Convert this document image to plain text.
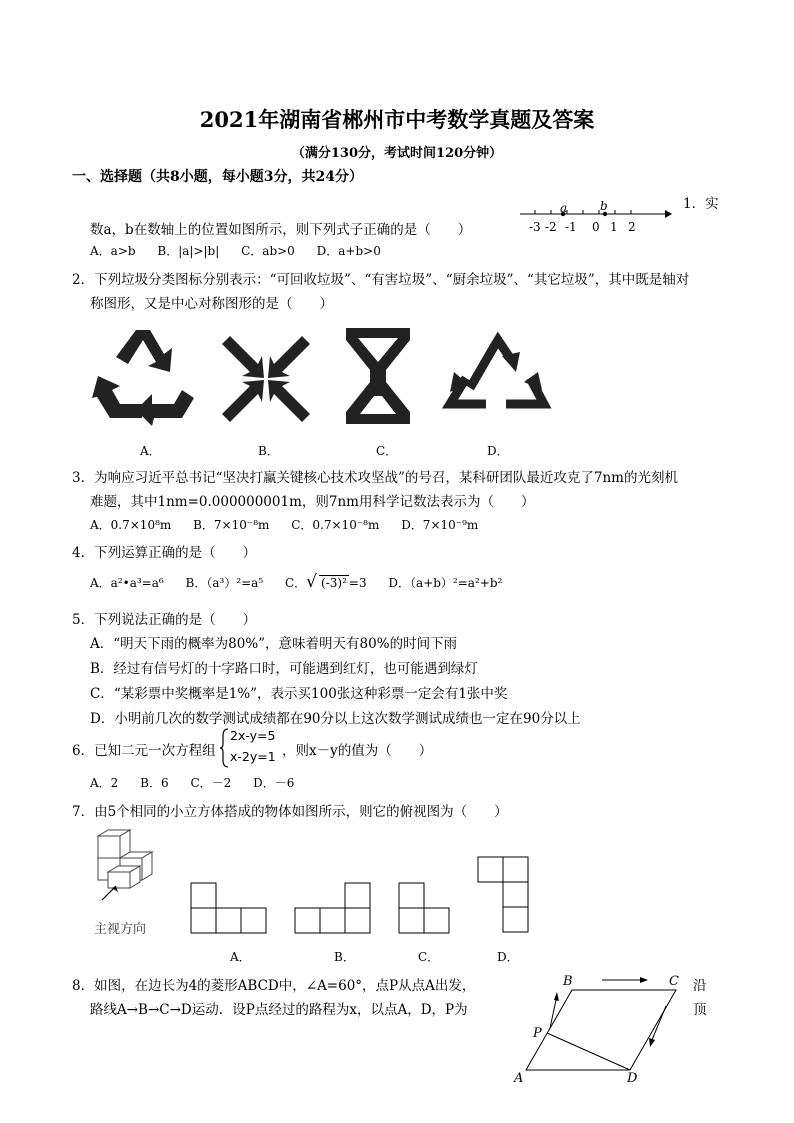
2021年湖南省郴州市中考数学真题及答案
（满分130分，考试时间120分钟）
一、选择题（共8小题，每小题3分，共24分）
1．实
数a，b在数轴上的位置如图所示，则下列式子正确的是（　　）
A．a>b B．|a|>|b| C．ab>0 D．a+b>0
a	b
-3 -2 -1 0 1 2
2．下列垃圾分类图标分别表示：“可回收垃圾”、“有害垃圾”、“厨余垃圾”、“其它垃圾”，其中既是轴对
称图形，又是中心对称图形的是（　　）
A．	B．	C．	D．
3．为响应习近平总书记“坚决打赢关键核心技术攻坚战”的号召，某科研团队最近攻克了7nm的光刻机
难题，其中1nm=0.000000001m，则7nm用科学记数法表示为（　　）
A．0.7×10⁸m B．7×10⁻⁸m C．0.7×10⁻⁸m D．7×10⁻⁹m
4．下列运算正确的是（　　）
A．a²•a³=a⁶ B．（a³）²=a⁵ C．√ (-3)² =3 D．（a+b）²=a²+b²
5．下列说法正确的是（　　）
A．“明天下雨的概率为80%”，意味着明天有80%的时间下雨
B．经过有信号灯的十字路口时，可能遇到红灯，也可能遇到绿灯
C．“某彩票中奖概率是1%”，表示买100张这种彩票一定会有1张中奖
D．小明前几次的数学测试成绩都在90分以上这次数学测试成绩也一定在90分以上
6．已知二元一次方程组
2x-y=5
x-2y=1 ，则x－y的值为（　　）
A．2 B．6 C．－2 D．－6
7．由5个相同的小立方体搭成的物体如图所示，则它的俯视图为（　　）
主视方向
A．	B．	C．	D．
8．如图，在边长为4的菱形ABCD中，∠A=60°，点P从点A出发，	沿
路线A→B→C→D运动．设P点经过的路程为x，以点A，D，P为	顶
A
B	C
D
P
